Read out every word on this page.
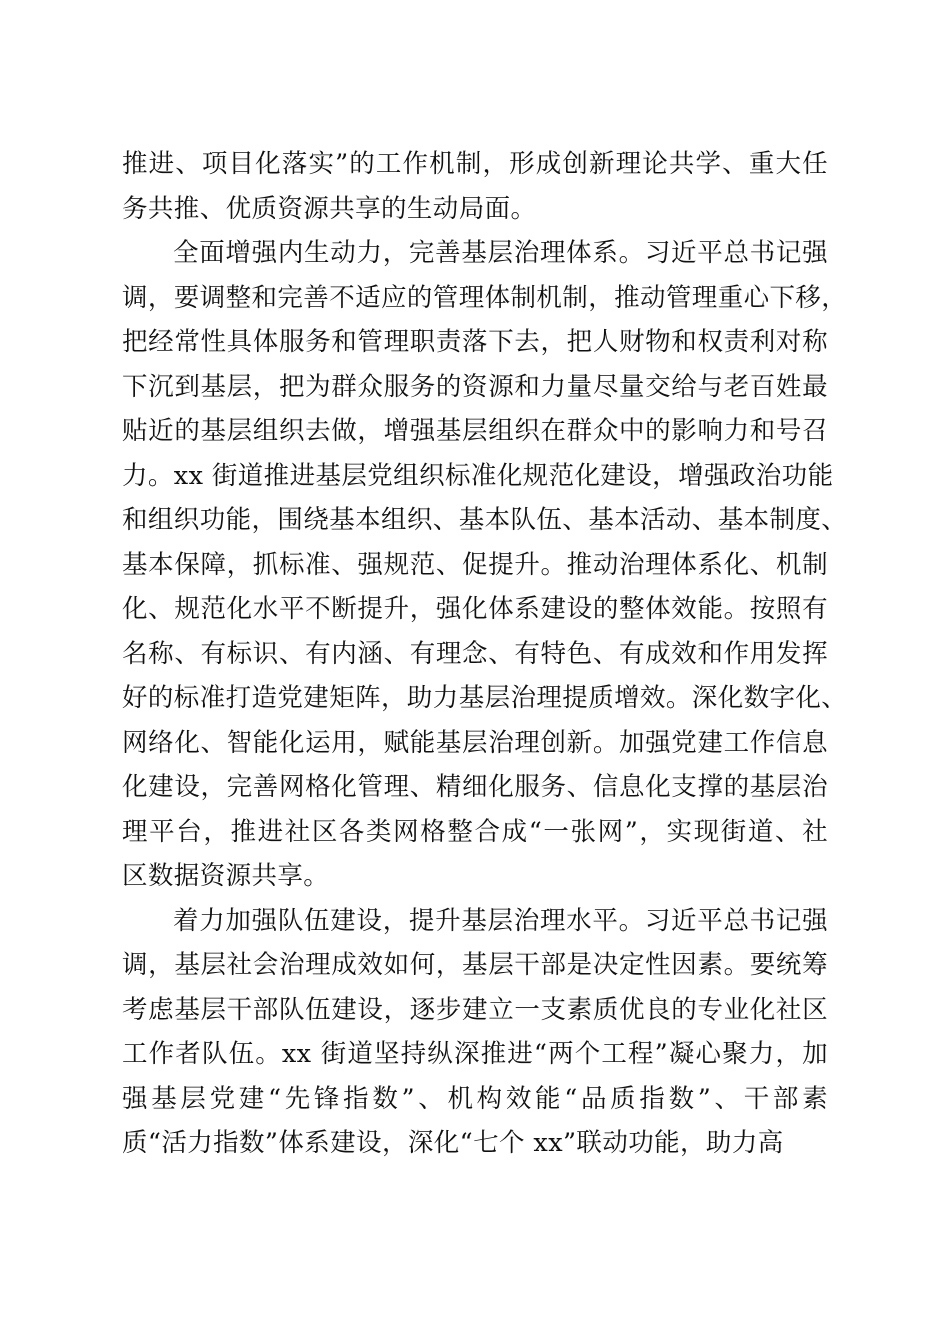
推进、项目化落实”的工作机制，形成创新理论共学、重大任
务共推、优质资源共享的生动局面。
全面增强内生动力，完善基层治理体系。习近平总书记强
调，要调整和完善不适应的管理体制机制，推动管理重心下移，
把经常性具体服务和管理职责落下去，把人财物和权责利对称
下沉到基层，把为群众服务的资源和力量尽量交给与老百姓最
贴近的基层组织去做，增强基层组织在群众中的影响力和号召
力。xx 街道推进基层党组织标准化规范化建设，增强政治功能
和组织功能，围绕基本组织、基本队伍、基本活动、基本制度、
基本保障，抓标准、强规范、促提升。推动治理体系化、机制
化、规范化水平不断提升，强化体系建设的整体效能。按照有
名称、有标识、有内涵、有理念、有特色、有成效和作用发挥
好的标准打造党建矩阵，助力基层治理提质增效。深化数字化、
网络化、智能化运用，赋能基层治理创新。加强党建工作信息
化建设，完善网格化管理、精细化服务、信息化支撑的基层治
理平台，推进社区各类网格整合成“一张网”，实现街道、社
区数据资源共享。
着力加强队伍建设，提升基层治理水平。习近平总书记强
调，基层社会治理成效如何，基层干部是决定性因素。要统筹
考虑基层干部队伍建设，逐步建立一支素质优良的专业化社区
工作者队伍。xx 街道坚持纵深推进“两个工程”凝心聚力，加
强基层党建“先锋指数”、机构效能“品质指数”、干部素
质“活力指数”体系建设，深化“七个 xx”联动功能，助力高
